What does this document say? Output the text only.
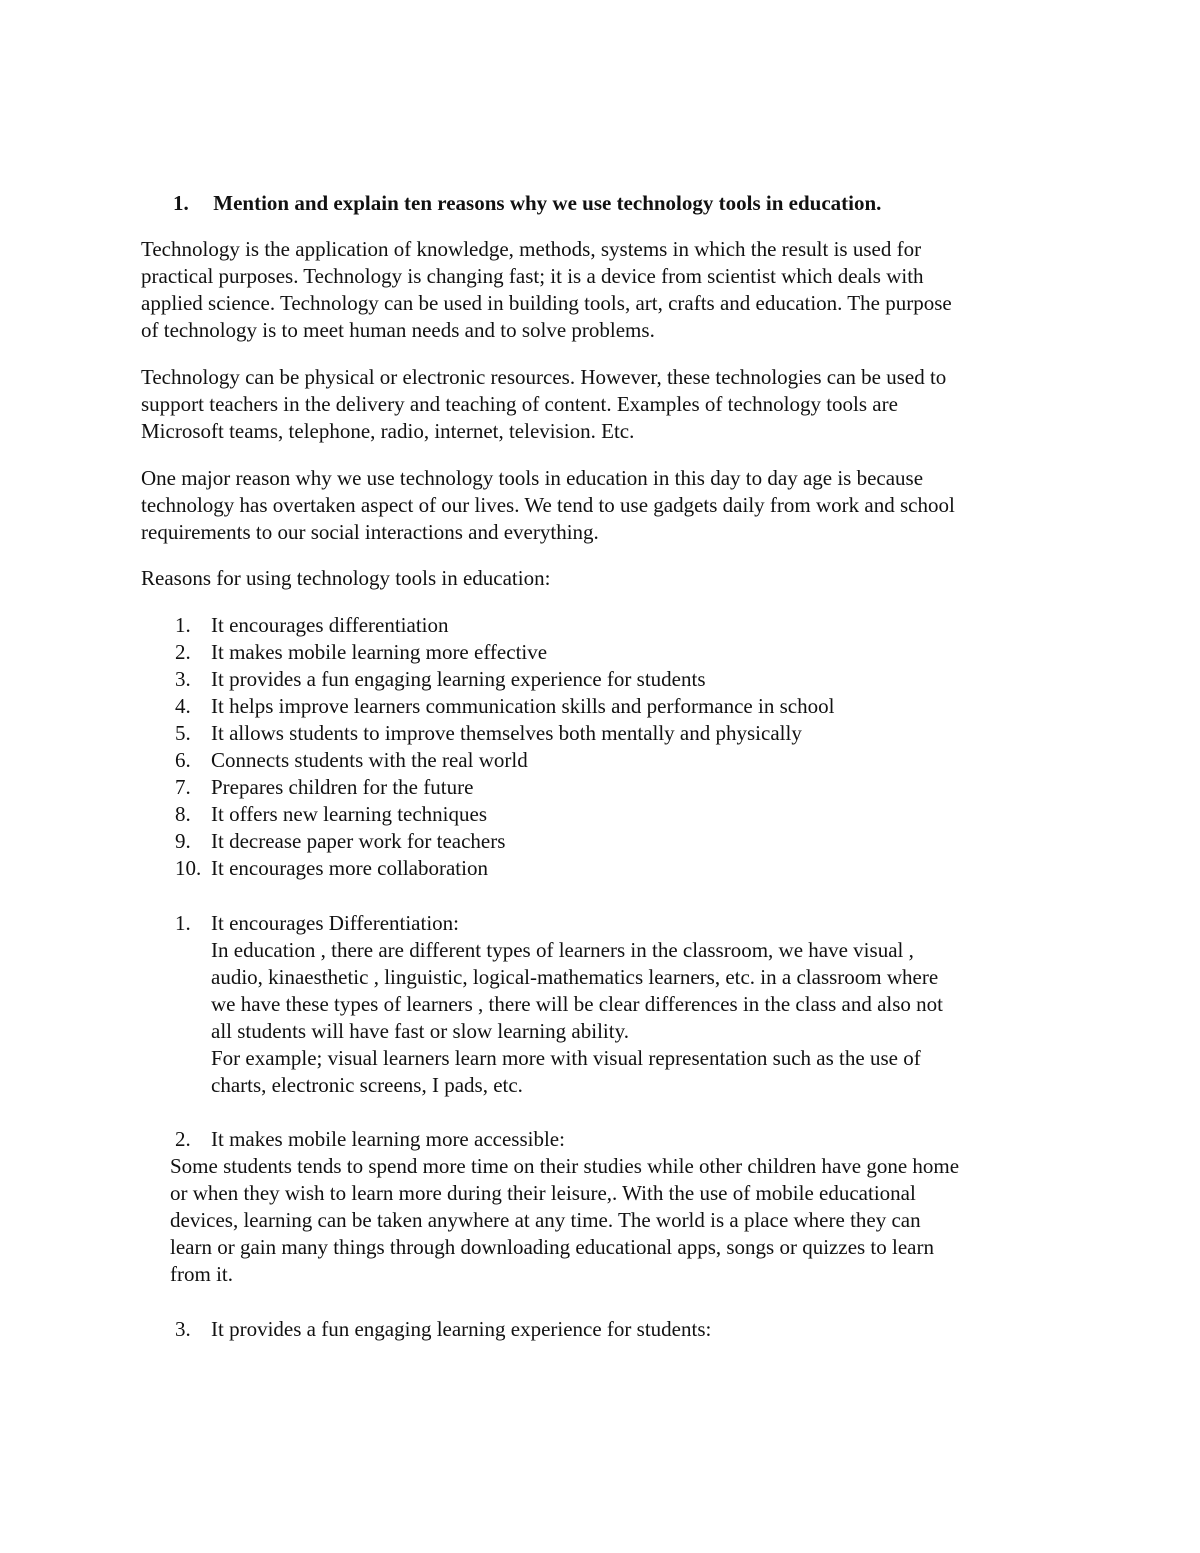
1. Mention and explain ten reasons why we use technology tools in education.
Technology is the application of knowledge, methods, systems in which the result is used for
practical purposes. Technology is changing fast; it is a device from scientist which deals with
applied science. Technology can be used in building tools, art, crafts and education. The purpose
of technology is to meet human needs and to solve problems.
Technology can be physical or electronic resources. However, these technologies can be used to
support teachers in the delivery and teaching of content. Examples of technology tools are
Microsoft teams, telephone, radio, internet, television. Etc.
One major reason why we use technology tools in education in this day to day age is because
technology has overtaken aspect of our lives. We tend to use gadgets daily from work and school
requirements to our social interactions and everything.
Reasons for using technology tools in education:
1. It encourages differentiation
2. It makes mobile learning more effective
3. It provides a fun engaging learning experience for students
4. It helps improve learners communication skills and performance in school
5. It allows students to improve themselves both mentally and physically
6. Connects students with the real world
7. Prepares children for the future
8. It offers new learning techniques
9. It decrease paper work for teachers
10. It encourages more collaboration
1. It encourages Differentiation:
In education , there are different types of learners in the classroom, we have visual ,
audio, kinaesthetic , linguistic, logical-mathematics learners, etc. in a classroom where
we have these types of learners , there will be clear differences in the class and also not
all students will have fast or slow learning ability.
For example; visual learners learn more with visual representation such as the use of
charts, electronic screens, I pads, etc.
2. It makes mobile learning more accessible:
Some students tends to spend more time on their studies while other children have gone home
or when they wish to learn more during their leisure,. With the use of mobile educational
devices, learning can be taken anywhere at any time. The world is a place where they can
learn or gain many things through downloading educational apps, songs or quizzes to learn
from it.
3. It provides a fun engaging learning experience for students:
